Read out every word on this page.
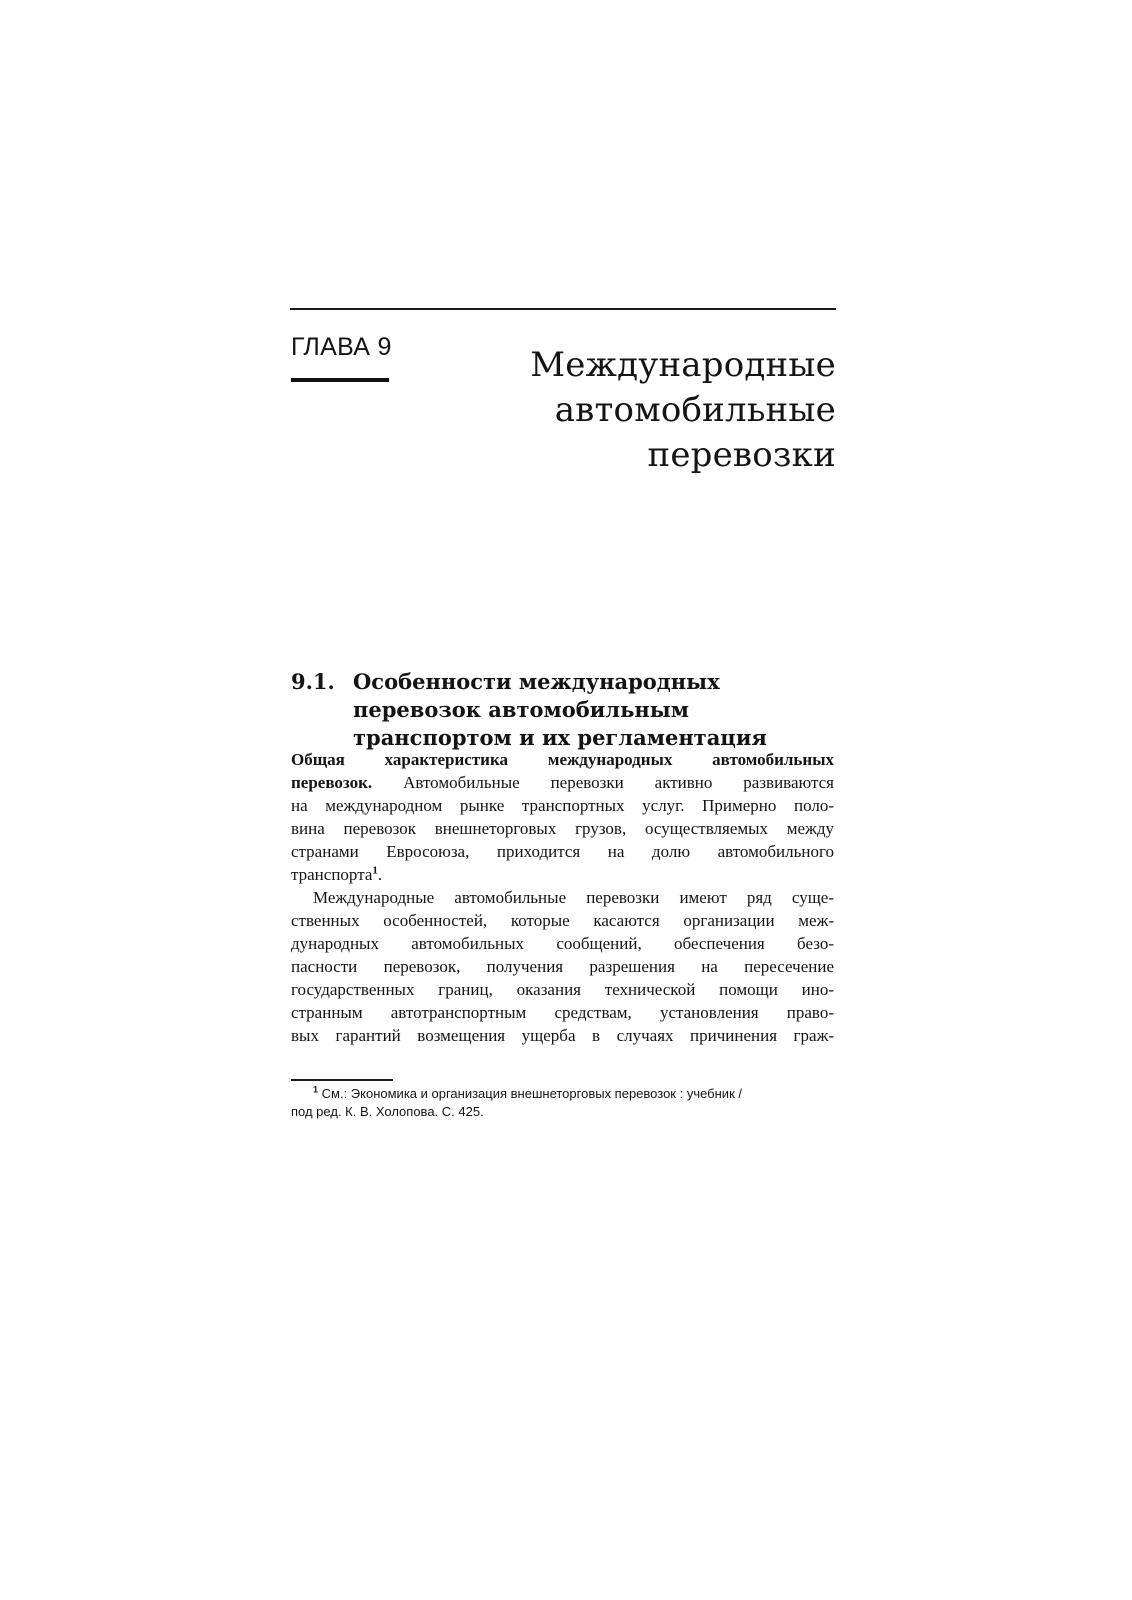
ГЛАВА 9	Международные
автомобильные
перевозки
9.1. Особенности международных
перевозок автомобильным
транспортом и их регламентация

Общая характеристика международных автомобильных
перевозок. Автомобильные перевозки активно развиваются
на международном рынке транспортных услуг. Примерно поло-
вина перевозок внешнеторговых грузов, осуществляемых между
странами Евросоюза, приходится на долю автомобильного
транспорта$^1$.

Международные автомобильные перевозки имеют ряд суще-
ственных особенностей, которые касаются организации меж-
дународных автомобильных сообщений, обеспечения безо-
пасности перевозок, получения разрешения на пересечение
государственных границ, оказания технической помощи ино-
странным автотранспортным средствам, установления право-
вых гарантий возмещения ущерба в случаях причинения граж-

$^1$ См.: Экономика и организация внешнеторговых перевозок : учебник /
под ред. К. В. Холопова. С. 425.
